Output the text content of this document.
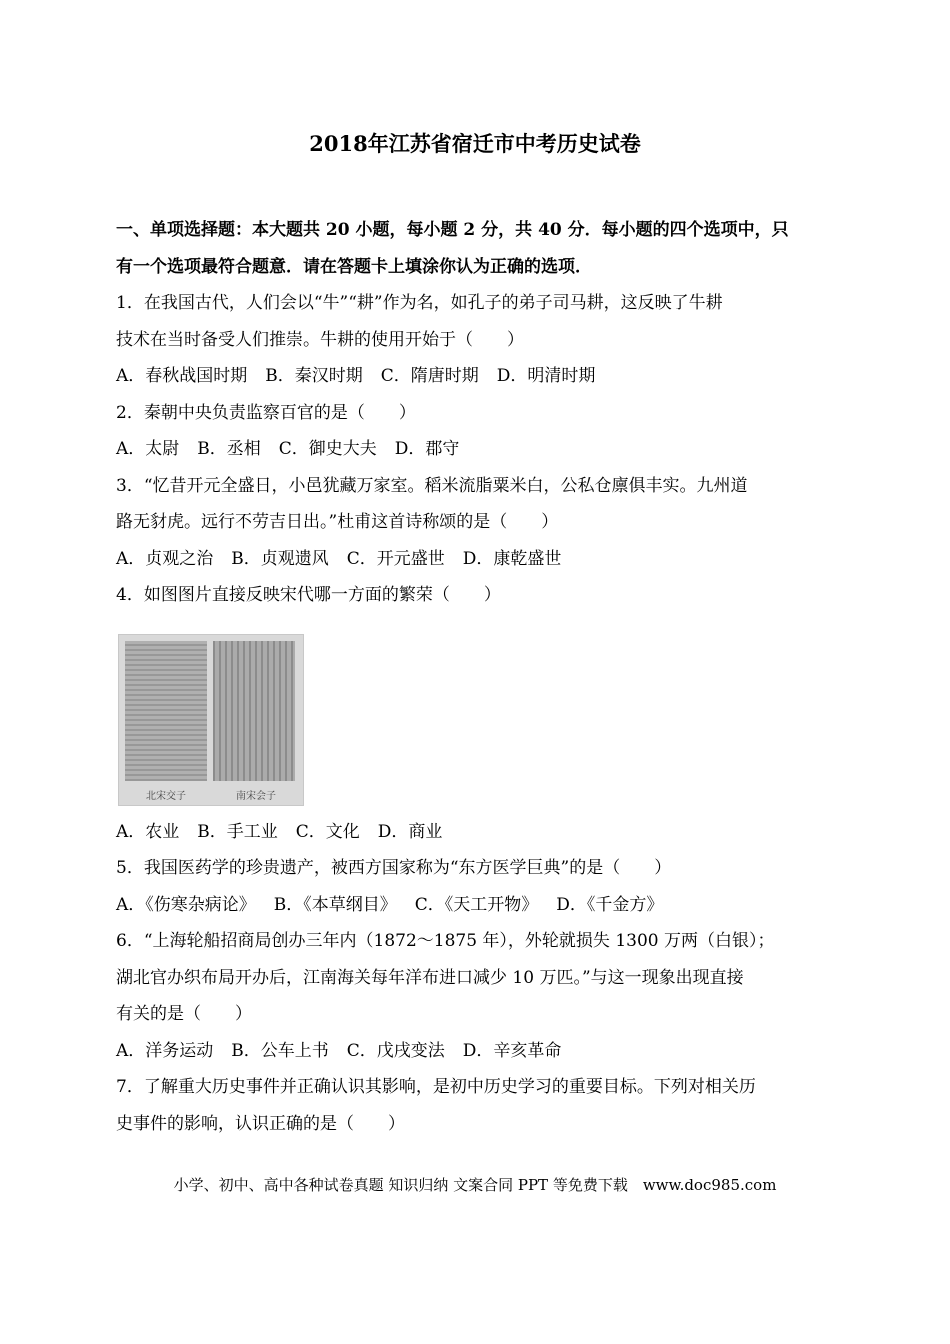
2018年江苏省宿迁市中考历史试卷
一、单项选择题：本大题共 20 小题，每小题 2 分，共 40 分．每小题的四个选项中，只
有一个选项最符合题意．请在答题卡上填涂你认为正确的选项．
1．在我国古代，人们会以“牛”“耕”作为名，如孔子的弟子司马耕，这反映了牛耕
技术在当时备受人们推崇。牛耕的使用开始于（　　）
A．春秋战国时期 B．秦汉时期 C．隋唐时期 D．明清时期
2．秦朝中央负责监察百官的是（　　）
A．太尉 B．丞相 C．御史大夫 D．郡守
3．“忆昔开元全盛日，小邑犹藏万家室。稻米流脂粟米白，公私仓廪俱丰实。九州道
路无豺虎。远行不劳吉日出。”杜甫这首诗称颂的是（　　）
A．贞观之治 B．贞观遗风 C．开元盛世 D．康乾盛世
4．如图图片直接反映宋代哪一方面的繁荣（　　）
北宋交子	南宋会子
A．农业 B．手工业 C．文化 D．商业
5．我国医药学的珍贵遗产，被西方国家称为“东方医学巨典”的是（　　）
A．《伤寒杂病论》 B．《本草纲目》 C．《天工开物》 D．《千金方》
6．“上海轮船招商局创办三年内（1872～1875 年），外轮就损失 1300 万两（白银）；
湖北官办织布局开办后，江南海关每年洋布进口减少 10 万匹。”与这一现象出现直接
有关的是（　　）
A．洋务运动 B．公车上书 C．戊戌变法 D．辛亥革命
7．了解重大历史事件并正确认识其影响，是初中历史学习的重要目标。下列对相关历
史事件的影响，认识正确的是（　　）
小学、初中、高中各种试卷真题 知识归纳 文案合同 PPT 等免费下载　www.doc985.com
